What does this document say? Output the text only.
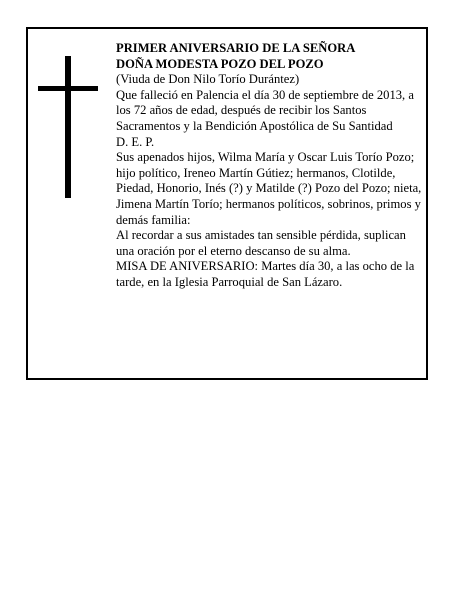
PRIMER ANIVERSARIO DE LA SEÑORA

DOÑA MODESTA POZO DEL POZO

(Viuda de Don Nilo Torío Durántez)

Que falleció en Palencia el día 30 de septiembre de 2013, a los 72 años de edad, después de recibir los Santos Sacramentos y la Bendición Apostólica de Su Santidad

D. E. P.

Sus apenados hijos, Wilma María y Oscar Luis Torío Pozo; hijo político, Ireneo Martín Gútiez; hermanos, Clotilde, Piedad, Honorio, Inés (?) y Matilde (?) Pozo del Pozo; nieta, Jimena Martín Torío; hermanos políticos, sobrinos, primos y demás familia:

Al recordar a sus amistades tan sensible pérdida, suplican una oración por el eterno descanso de su alma.

MISA DE ANIVERSARIO: Martes día 30, a las ocho de la tarde, en la Iglesia Parroquial de San Lázaro.
